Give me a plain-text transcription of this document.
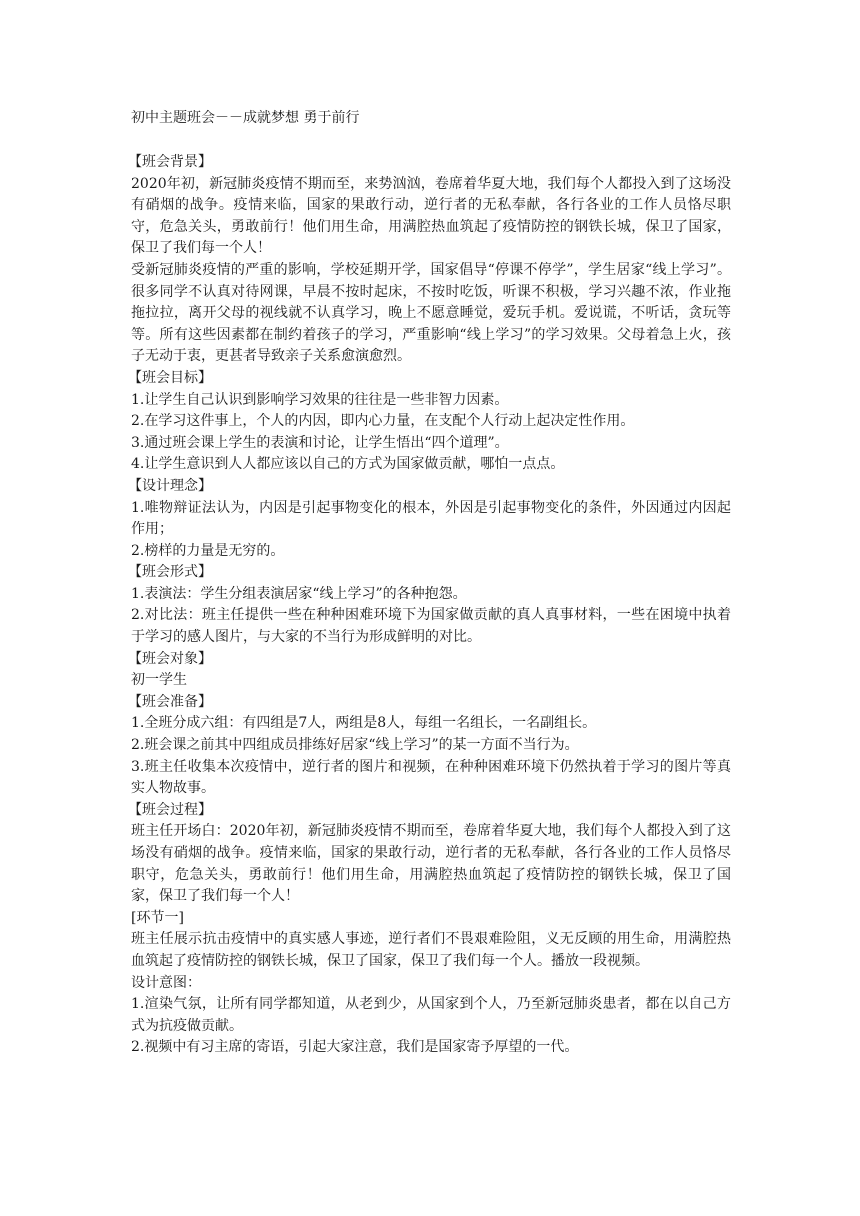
初中主题班会－－成就梦想 勇于前行
【班会背景】
2020年初，新冠肺炎疫情不期而至，来势汹汹，卷席着华夏大地，我们每个人都投入到了这场没有硝烟的战争。疫情来临，国家的果敢行动，逆行者的无私奉献，各行各业的工作人员恪尽职守，危急关头，勇敢前行！他们用生命，用满腔热血筑起了疫情防控的钢铁长城，保卫了国家，保卫了我们每一个人！
受新冠肺炎疫情的严重的影响，学校延期开学，国家倡导“停课不停学”，学生居家“线上学习”。很多同学不认真对待网课，早晨不按时起床，不按时吃饭，听课不积极，学习兴趣不浓，作业拖拖拉拉，离开父母的视线就不认真学习，晚上不愿意睡觉，爱玩手机。爱说谎，不听话，贪玩等等。所有这些因素都在制约着孩子的学习，严重影响“线上学习”的学习效果。父母着急上火，孩子无动于衷，更甚者导致亲子关系愈演愈烈。
【班会目标】
1.让学生自己认识到影响学习效果的往往是一些非智力因素。
2.在学习这件事上，个人的内因，即内心力量，在支配个人行动上起决定性作用。
3.通过班会课上学生的表演和讨论，让学生悟出“四个道理”。
4.让学生意识到人人都应该以自己的方式为国家做贡献，哪怕一点点。
【设计理念】
1.唯物辩证法认为，内因是引起事物变化的根本，外因是引起事物变化的条件，外因通过内因起作用；
2.榜样的力量是无穷的。
【班会形式】
1.表演法：学生分组表演居家“线上学习”的各种抱怨。
2.对比法：班主任提供一些在种种困难环境下为国家做贡献的真人真事材料，一些在困境中执着于学习的感人图片，与大家的不当行为形成鲜明的对比。
【班会对象】
初一学生
【班会准备】
1.全班分成六组：有四组是7人，两组是8人，每组一名组长，一名副组长。
2.班会课之前其中四组成员排练好居家“线上学习”的某一方面不当行为。
3.班主任收集本次疫情中，逆行者的图片和视频，在种种困难环境下仍然执着于学习的图片等真实人物故事。
【班会过程】
班主任开场白：2020年初，新冠肺炎疫情不期而至，卷席着华夏大地，我们每个人都投入到了这场没有硝烟的战争。疫情来临，国家的果敢行动，逆行者的无私奉献，各行各业的工作人员恪尽职守，危急关头，勇敢前行！他们用生命，用满腔热血筑起了疫情防控的钢铁长城，保卫了国家，保卫了我们每一个人！
[环节一]
班主任展示抗击疫情中的真实感人事迹，逆行者们不畏艰难险阻，义无反顾的用生命，用满腔热血筑起了疫情防控的钢铁长城，保卫了国家，保卫了我们每一个人。播放一段视频。
设计意图：
1.渲染气氛，让所有同学都知道，从老到少，从国家到个人，乃至新冠肺炎患者，都在以自己方式为抗疫做贡献。
2.视频中有习主席的寄语，引起大家注意，我们是国家寄予厚望的一代。
